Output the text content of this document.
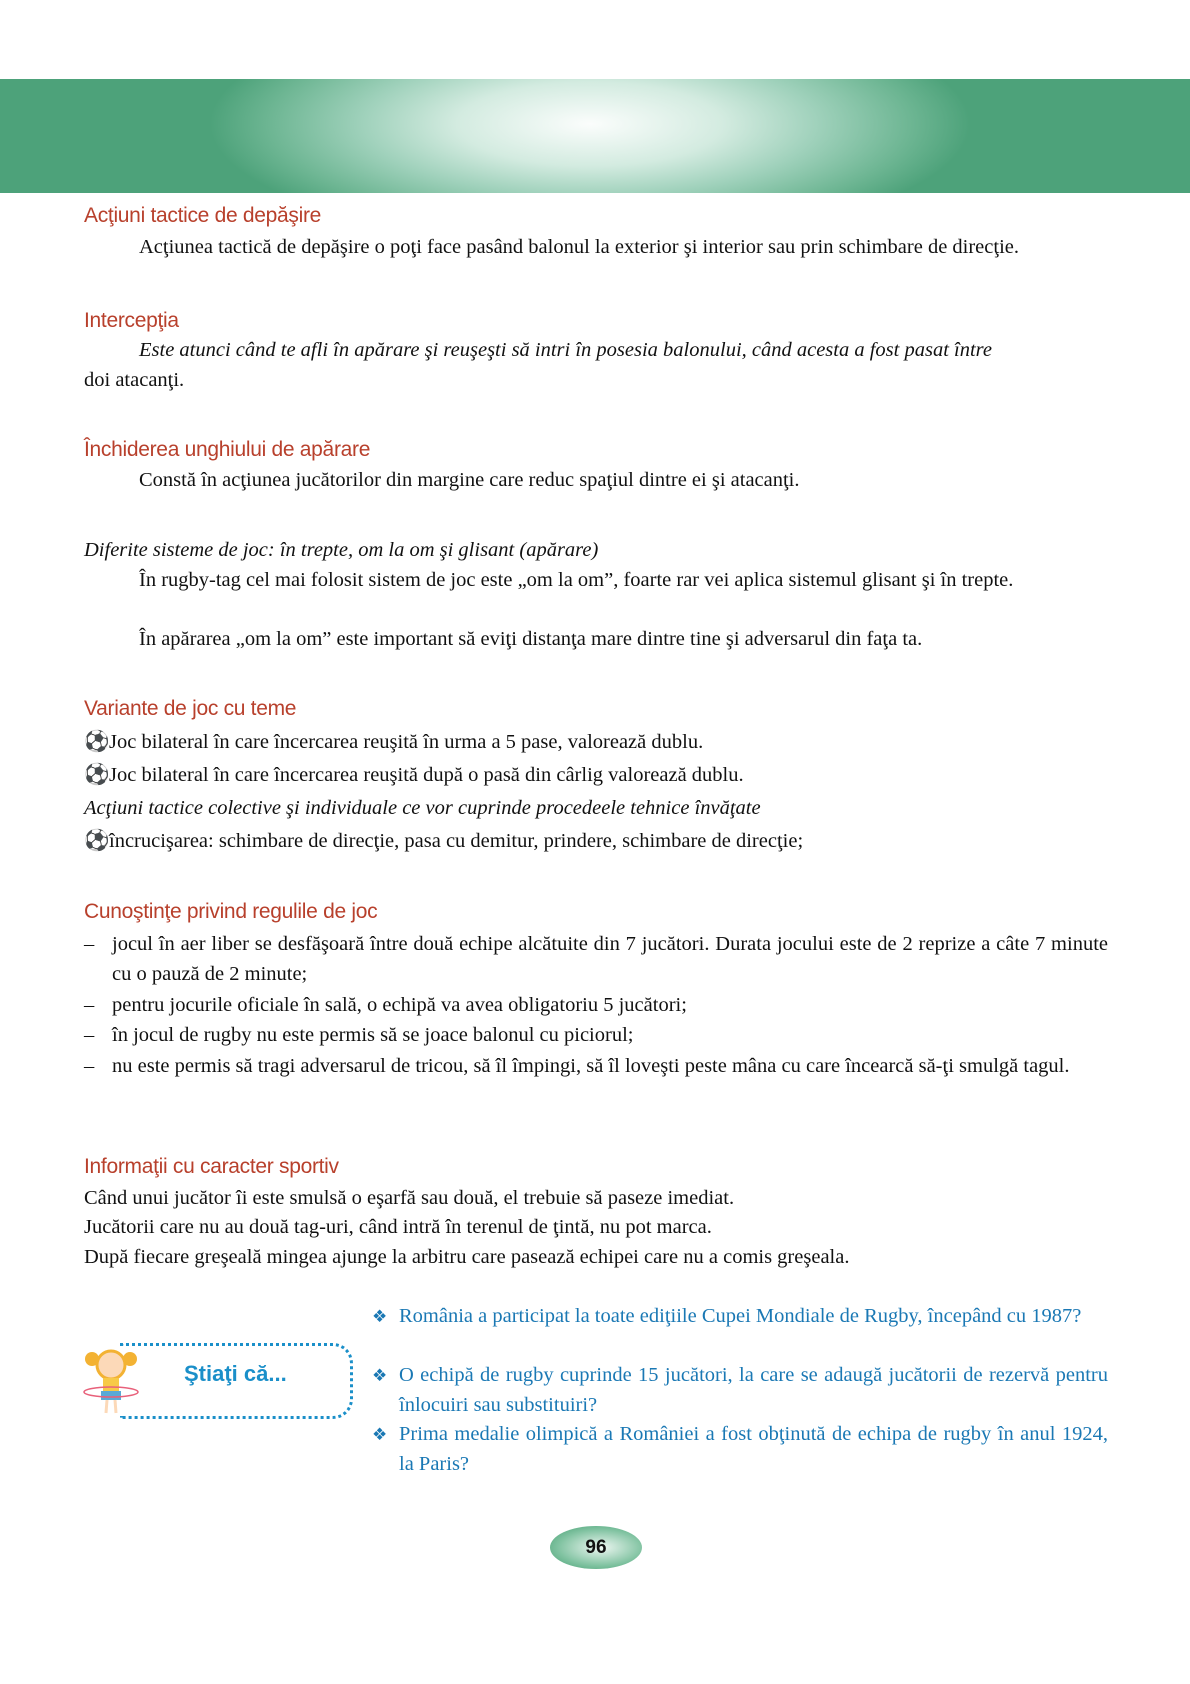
Acţiuni tactice de depăşire
Acţiunea tactică de depăşire o poţi face pasând balonul la exterior şi interior sau prin schimbare de direcţie.
Intercepţia
Este atunci când te afli în apărare şi reuşeşti să intri în posesia balonului, când acesta a fost pasat între
doi atacanţi.
Închiderea unghiului de apărare
Constă în acţiunea jucătorilor din margine care reduc spaţiul dintre ei şi atacanţi.
Diferite sisteme de joc: în trepte, om la om şi glisant (apărare)
În rugby-tag cel mai folosit sistem de joc este „om la om”, foarte rar vei aplica sistemul glisant şi în trepte.
În apărarea „om la om” este important să eviţi distanţa mare dintre tine şi adversarul din faţa ta.
Variante de joc cu teme
⚽ Joc bilateral în care încercarea reuşită în urma a 5 pase, valorează dublu.
⚽ Joc bilateral în care încercarea reuşită după o pasă din cârlig valorează dublu.
Acţiuni tactice colective şi individuale ce vor cuprinde procedeele tehnice învăţate
⚽ încrucişarea: schimbare de direcţie, pasa cu demitur, prindere, schimbare de direcţie;
Cunoştinţe privind regulile de joc
– jocul în aer liber se desfăşoară între două echipe alcătuite din 7 jucători. Durata jocului este de 2 reprize a câte 7 minute cu o pauză de 2 minute;
– pentru jocurile oficiale în sală, o echipă va avea obligatoriu 5 jucători;
– în jocul de rugby nu este permis să se joace balonul cu piciorul;
– nu este permis să tragi adversarul de tricou, să îl împingi, să îl loveşti peste mâna cu care încearcă să-ţi smulgă tagul.
Informaţii cu caracter sportiv
Când unui jucător îi este smulsă o eşarfă sau două, el trebuie să paseze imediat.
Jucătorii care nu au două tag-uri, când intră în terenul de ţintă, nu pot marca.
După fiecare greşeală mingea ajunge la arbitru care pasează echipei care nu a comis greşeala.
Ştiaţi că...
❖ România a participat la toate ediţiile Cupei Mondiale de Rugby, începând cu 1987?
❖ O echipă de rugby cuprinde 15 jucători, la care se adaugă jucătorii de rezervă pentru înlocuiri sau substituiri?
❖ Prima medalie olimpică a României a fost obţinută de echipa de rugby în anul 1924, la Paris?
96
